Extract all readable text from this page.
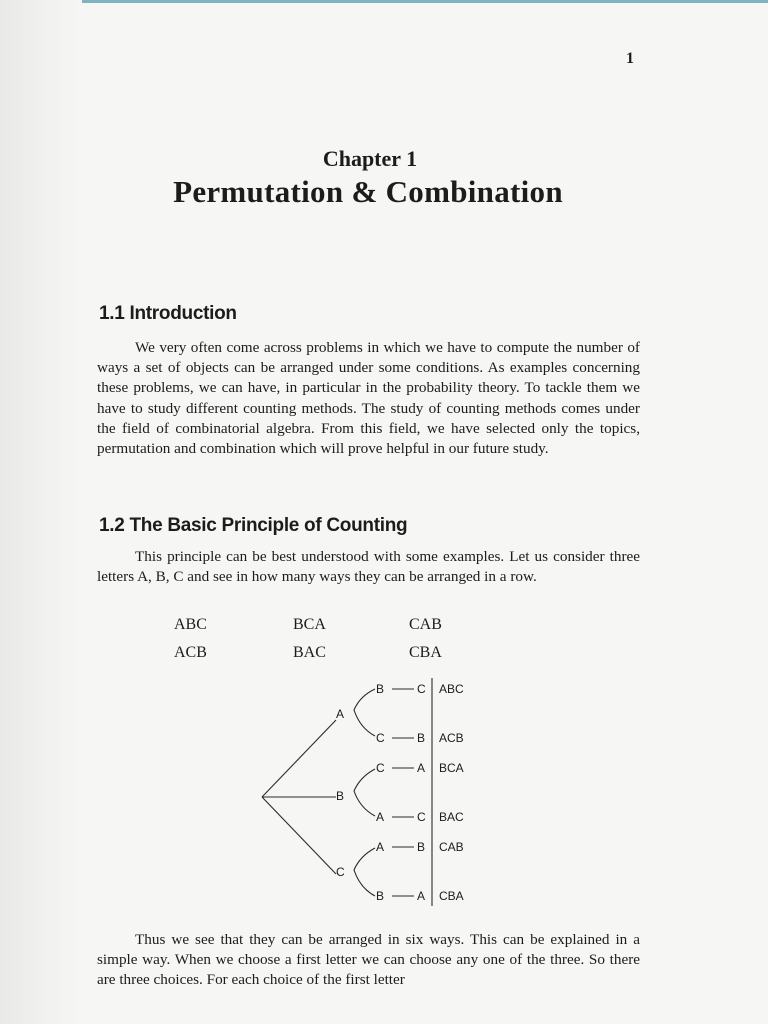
1
Chapter 1
Permutation & Combination
1.1 Introduction

We very often come across problems in which we have to compute the number of ways a set of objects can be arranged under some conditions. As examples concerning these problems, we can have, in particular in the probability theory. To tackle them we have to study different counting methods. The study of counting methods comes under the field of combinatorial algebra. From this field, we have selected only the topics, permutation and combination which will prove helpful in our future study.

1.2 The Basic Principle of Counting

This principle can be best understood with some examples. Let us consider three letters A, B, C and see in how many ways they can be arranged in a row.

ABC	BCA	CAB
ACB	BAC	CBA
A
B
C
B	C ABC
C	B ACB
C	A BCA
A	C BAC
A	B CAB
B	A CBA

Thus we see that they can be arranged in six ways. This can be explained in a simple way. When we choose a first letter we can choose any one of the three. So there are three choices. For each choice of the first letter
